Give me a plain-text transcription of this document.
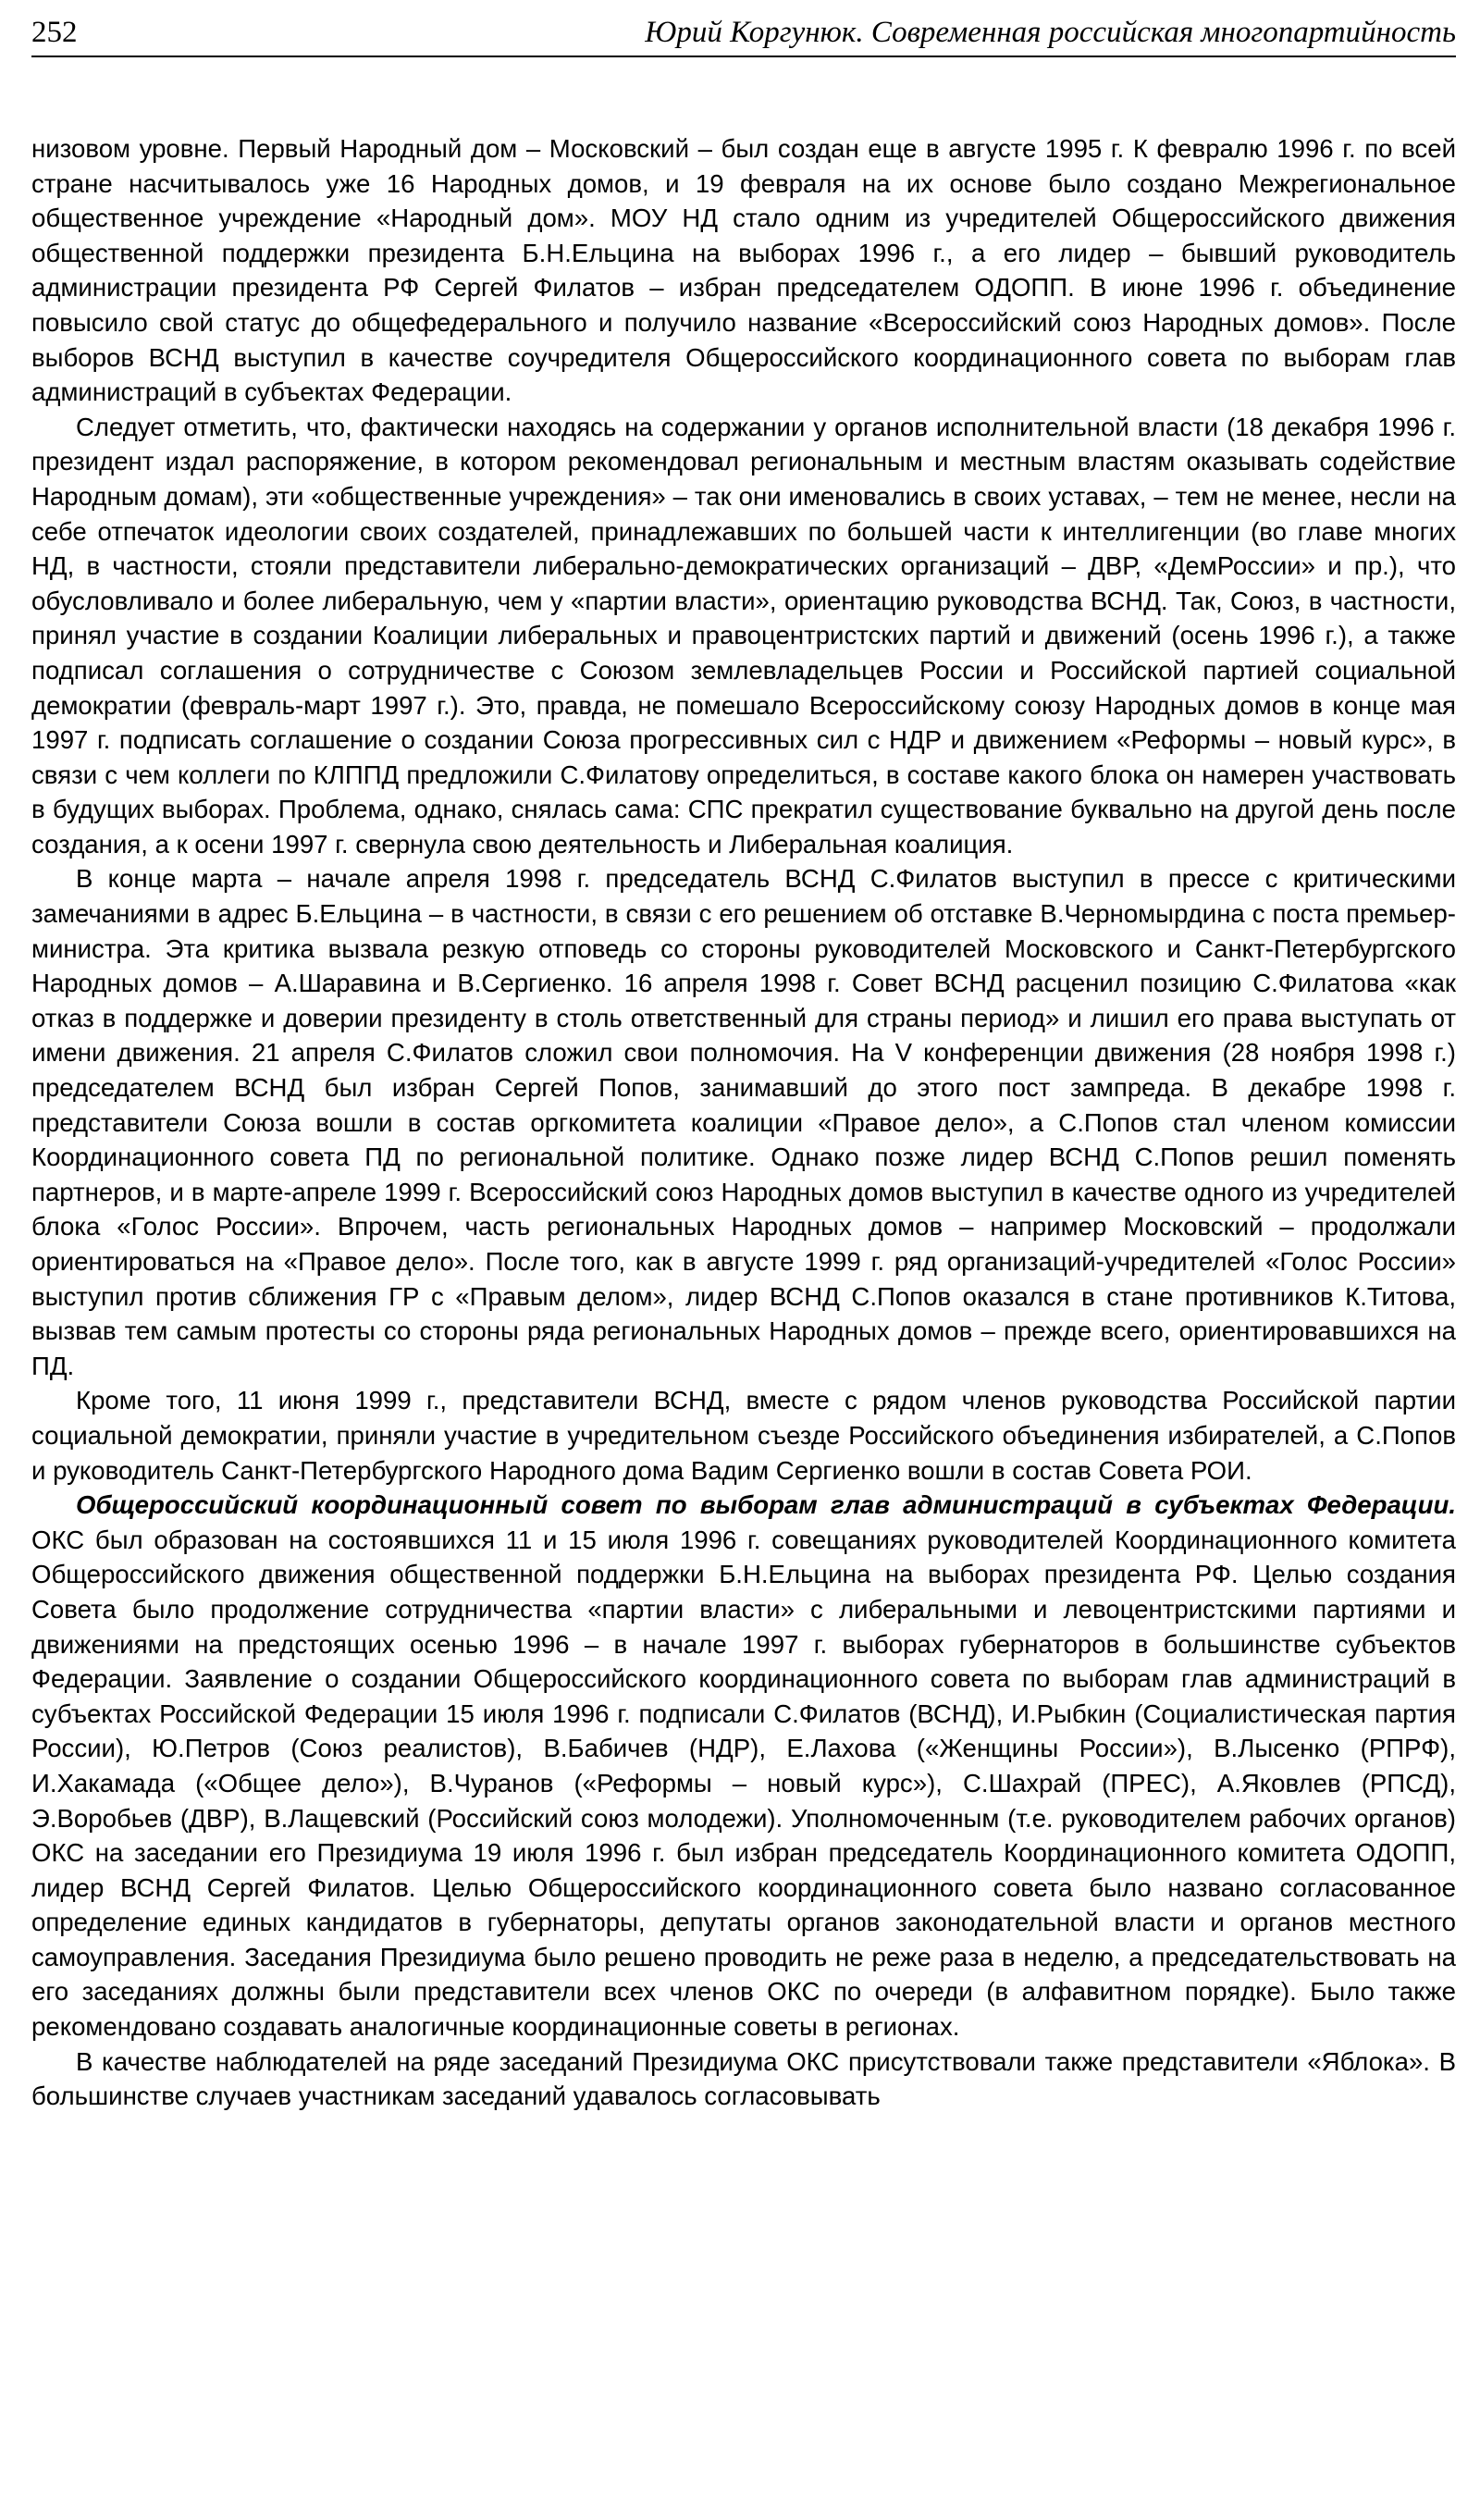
252	Юрий Коргунюк. Современная российская многопартийность

низовом уровне. Первый Народный дом – Московский – был создан еще в августе 1995 г. К февралю 1996 г. по всей стране насчитывалось уже 16 Народных домов, и 19 февраля на их основе было создано Межрегиональное общественное учреждение «Народный дом». МОУ НД стало одним из учредителей Общероссийского движения общественной поддержки президента Б.Н.Ельцина на выборах 1996 г., а его лидер – бывший руководитель администрации президента РФ Сергей Филатов – избран председателем ОДОПП. В июне 1996 г. объединение повысило свой статус до общефедерального и получило название «Всероссийский союз Народных домов». После выборов ВСНД выступил в качестве соучредителя Общероссийского координационного совета по выборам глав администраций в субъектах Федерации.

Следует отметить, что, фактически находясь на содержании у органов исполнительной власти (18 декабря 1996 г. президент издал распоряжение, в котором рекомендовал региональным и местным властям оказывать содействие Народным домам), эти «общественные учреждения» – так они именовались в своих уставах, – тем не менее, несли на себе отпечаток идеологии своих создателей, принадлежавших по большей части к интеллигенции (во главе многих НД, в частности, стояли представители либерально-демократических организаций – ДВР, «ДемРоссии» и пр.), что обусловливало и более либеральную, чем у «партии власти», ориентацию руководства ВСНД. Так, Союз, в частности, принял участие в создании Коалиции либеральных и правоцентристских партий и движений (осень 1996 г.), а также подписал соглашения о сотрудничестве с Союзом землевладельцев России и Российской партией социальной демократии (февраль-март 1997 г.). Это, правда, не помешало Всероссийскому союзу Народных домов в конце мая 1997 г. подписать соглашение о создании Союза прогрессивных сил с НДР и движением «Реформы – новый курс», в связи с чем коллеги по КЛППД предложили С.Филатову определиться, в составе какого блока он намерен участвовать в будущих выборах. Проблема, однако, снялась сама: СПС прекратил существование буквально на другой день после создания, а к осени 1997 г. свернула свою деятельность и Либеральная коалиция.

В конце марта – начале апреля 1998 г. председатель ВСНД С.Филатов выступил в прессе с критическими замечаниями в адрес Б.Ельцина – в частности, в связи с его решением об отставке В.Черномырдина с поста премьер-министра. Эта критика вызвала резкую отповедь со стороны руководителей Московского и Санкт-Петербургского Народных домов – А.Шаравина и В.Сергиенко. 16 апреля 1998 г. Совет ВСНД расценил позицию С.Филатова «как отказ в поддержке и доверии президенту в столь ответственный для страны период» и лишил его права выступать от имени движения. 21 апреля С.Филатов сложил свои полномочия. На V конференции движения (28 ноября 1998 г.) председателем ВСНД был избран Сергей Попов, занимавший до этого пост зампреда. В декабре 1998 г. представители Союза вошли в состав оргкомитета коалиции «Правое дело», а С.Попов стал членом комиссии Координационного совета ПД по региональной политике. Однако позже лидер ВСНД С.Попов решил поменять партнеров, и в марте-апреле 1999 г. Всероссийский союз Народных домов выступил в качестве одного из учредителей блока «Голос России». Впрочем, часть региональных Народных домов – например Московский – продолжали ориентироваться на «Правое дело». После того, как в августе 1999 г. ряд организаций-учредителей «Голос России» выступил против сближения ГР с «Правым делом», лидер ВСНД С.Попов оказался в стане противников К.Титова, вызвав тем самым протесты со стороны ряда региональных Народных домов – прежде всего, ориентировавшихся на ПД.

Кроме того, 11 июня 1999 г., представители ВСНД, вместе с рядом членов руководства Российской партии социальной демократии, приняли участие в учредительном съезде Российского объединения избирателей, а С.Попов и руководитель Санкт-Петербургского Народного дома Вадим Сергиенко вошли в состав Совета РОИ.

Общероссийский координационный совет по выборам глав администраций в субъектах Федерации. ОКС был образован на состоявшихся 11 и 15 июля 1996 г. совещаниях руководителей Координационного комитета Общероссийского движения общественной поддержки Б.Н.Ельцина на выборах президента РФ. Целью создания Совета было продолжение сотрудничества «партии власти» с либеральными и левоцентристскими партиями и движениями на предстоящих осенью 1996 – в начале 1997 г. выборах губернаторов в большинстве субъектов Федерации. Заявление о создании Общероссийского координационного совета по выборам глав администраций в субъектах Российской Федерации 15 июля 1996 г. подписали С.Филатов (ВСНД), И.Рыбкин (Социалистическая партия России), Ю.Петров (Союз реалистов), В.Бабичев (НДР), Е.Лахова («Женщины России»), В.Лысенко (РПРФ), И.Хакамада («Общее дело»), В.Чуранов («Реформы – новый курс»), С.Шахрай (ПРЕС), А.Яковлев (РПСД), Э.Воробьев (ДВР), В.Лащевский (Российский союз молодежи). Уполномоченным (т.е. руководителем рабочих органов) ОКС на заседании его Президиума 19 июля 1996 г. был избран председатель Координационного комитета ОДОПП, лидер ВСНД Сергей Филатов. Целью Общероссийского координационного совета было названо согласованное определение единых кандидатов в губернаторы, депутаты органов законодательной власти и органов местного самоуправления. Заседания Президиума было решено проводить не реже раза в неделю, а председательствовать на его заседаниях должны были представители всех членов ОКС по очереди (в алфавитном порядке). Было также рекомендовано создавать аналогичные координационные советы в регионах.

В качестве наблюдателей на ряде заседаний Президиума ОКС присутствовали также представители «Яблока». В большинстве случаев участникам заседаний удавалось согласовывать
